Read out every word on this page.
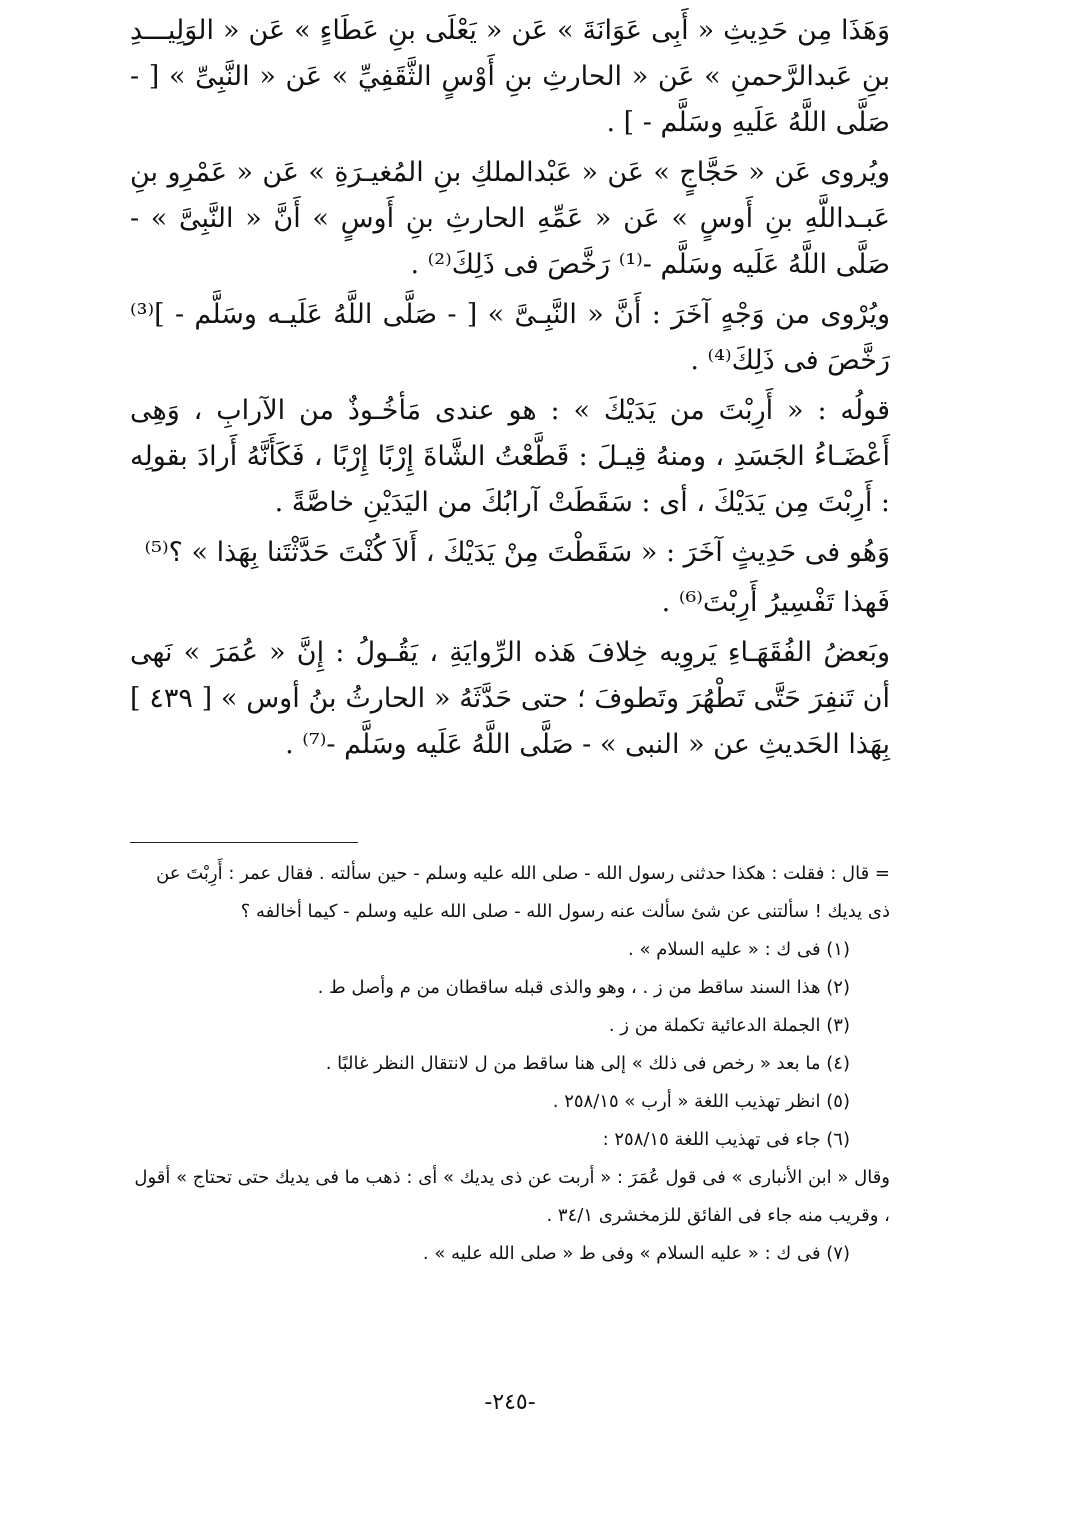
وَهَذَا مِن حَدِيثِ « أَبِى عَوَانَةَ » عَن « يَعْلَى بنِ عَطَاءٍ » عَن « الوَلِيـــدِ بنِ عَبدالرَّحمنِ » عَن « الحارثِ بنِ أَوْسٍ الثَّقَفِيِّ » عَن « النَّبِىِّ » [ - صَلَّى اللَّهُ عَلَيهِ وسَلَّم - ] .

ويُروى عَن « حَجَّاجٍ » عَن « عَبْدالملكِ بنِ المُغيـرَةِ » عَن « عَمْرِو بنِ عَبـداللَّهِ بنِ أَوسٍ » عَن « عَمِّهِ الحارثِ بنِ أَوسٍ » أَنَّ « النَّبِىَّ » - صَلَّى اللَّهُ عَلَيه وسَلَّم -⁽¹⁾ رَخَّصَ فى ذَلِكَ⁽²⁾ .

ويُرْوى من وَجْهٍ آخَرَ : أَنَّ « النَّبِـىَّ » [ - صَلَّى اللَّهُ عَلَيـه وسَلَّم - ]⁽³⁾ رَخَّصَ فى ذَلِكَ⁽⁴⁾ .

قولُه : « أَرِبْتَ من يَدَيْكَ » : هو عندى مَأخُـوذٌ من الآرابِ ، وَهِى أَعْضَـاءُ الجَسَدِ ، ومنهُ قِيـلَ : قَطَّعْتُ الشَّاةَ إِرْبًا إِرْبًا ، فَكَأَنَّهُ أَرادَ بقولِه : أَرِبْتَ مِن يَدَيْكَ ، أى : سَقَطَتْ آرابُكَ من اليَدَيْنِ خاصَّةً .

وَهُو فى حَدِيثٍ آخَرَ : « سَقَطْتَ مِنْ يَدَيْكَ ، أَلاَ كُنْتَ حَدَّثْتَنا بِهَذا » ؟⁽⁵⁾

فَهذا تَفْسِيرُ أَرِبْتَ⁽⁶⁾ .

وبَعضُ الفُقَهَـاءِ يَروِيه خِلافَ هَذه الرِّوايَةِ ، يَقُـولُ : إِنَّ « عُمَرَ » نَهى أن تَنفِرَ حَتَّى تَطْهُرَ وتَطوفَ ؛ حتى حَدَّثَهُ « الحارثُ بنُ أوس » [ ٤٣٩ ] بِهَذا الحَديثِ عن « النبى » - صَلَّى اللَّهُ عَلَيه وسَلَّم -⁽⁷⁾ .

= قال : فقلت : هكذا حدثنى رسول الله - صلى الله عليه وسلم - حين سألته . فقال عمر : أَرِبْتَ عن ذى يديك ! سألتنى عن شئ سألت عنه رسول الله - صلى الله عليه وسلم - كيما أخالفه ؟

(١) فى ك : « عليه السلام » .

(٢) هذا السند ساقط من ز . ، وهو والذى قبله ساقطان من م وأصل ط .

(٣) الجملة الدعائية تكملة من ز .

(٤) ما بعد « رخص فى ذلك » إلى هنا ساقط من ل لانتقال النظر غالبًا .

(٥) انظر تهذيب اللغة « أرب » ٢٥٨/١٥ .

(٦) جاء فى تهذيب اللغة ٢٥٨/١٥ :

وقال « ابن الأنبارى » فى قول عُمَرَ : « أربت عن ذى يديك » أى : ذهب ما فى يديك حتى تحتاج » أقول ، وقريب منه جاء فى الفائق للزمخشرى ٣٤/١ .

(٧) فى ك : « عليه السلام » وفى ط « صلى الله عليه » .

-٢٤٥-
